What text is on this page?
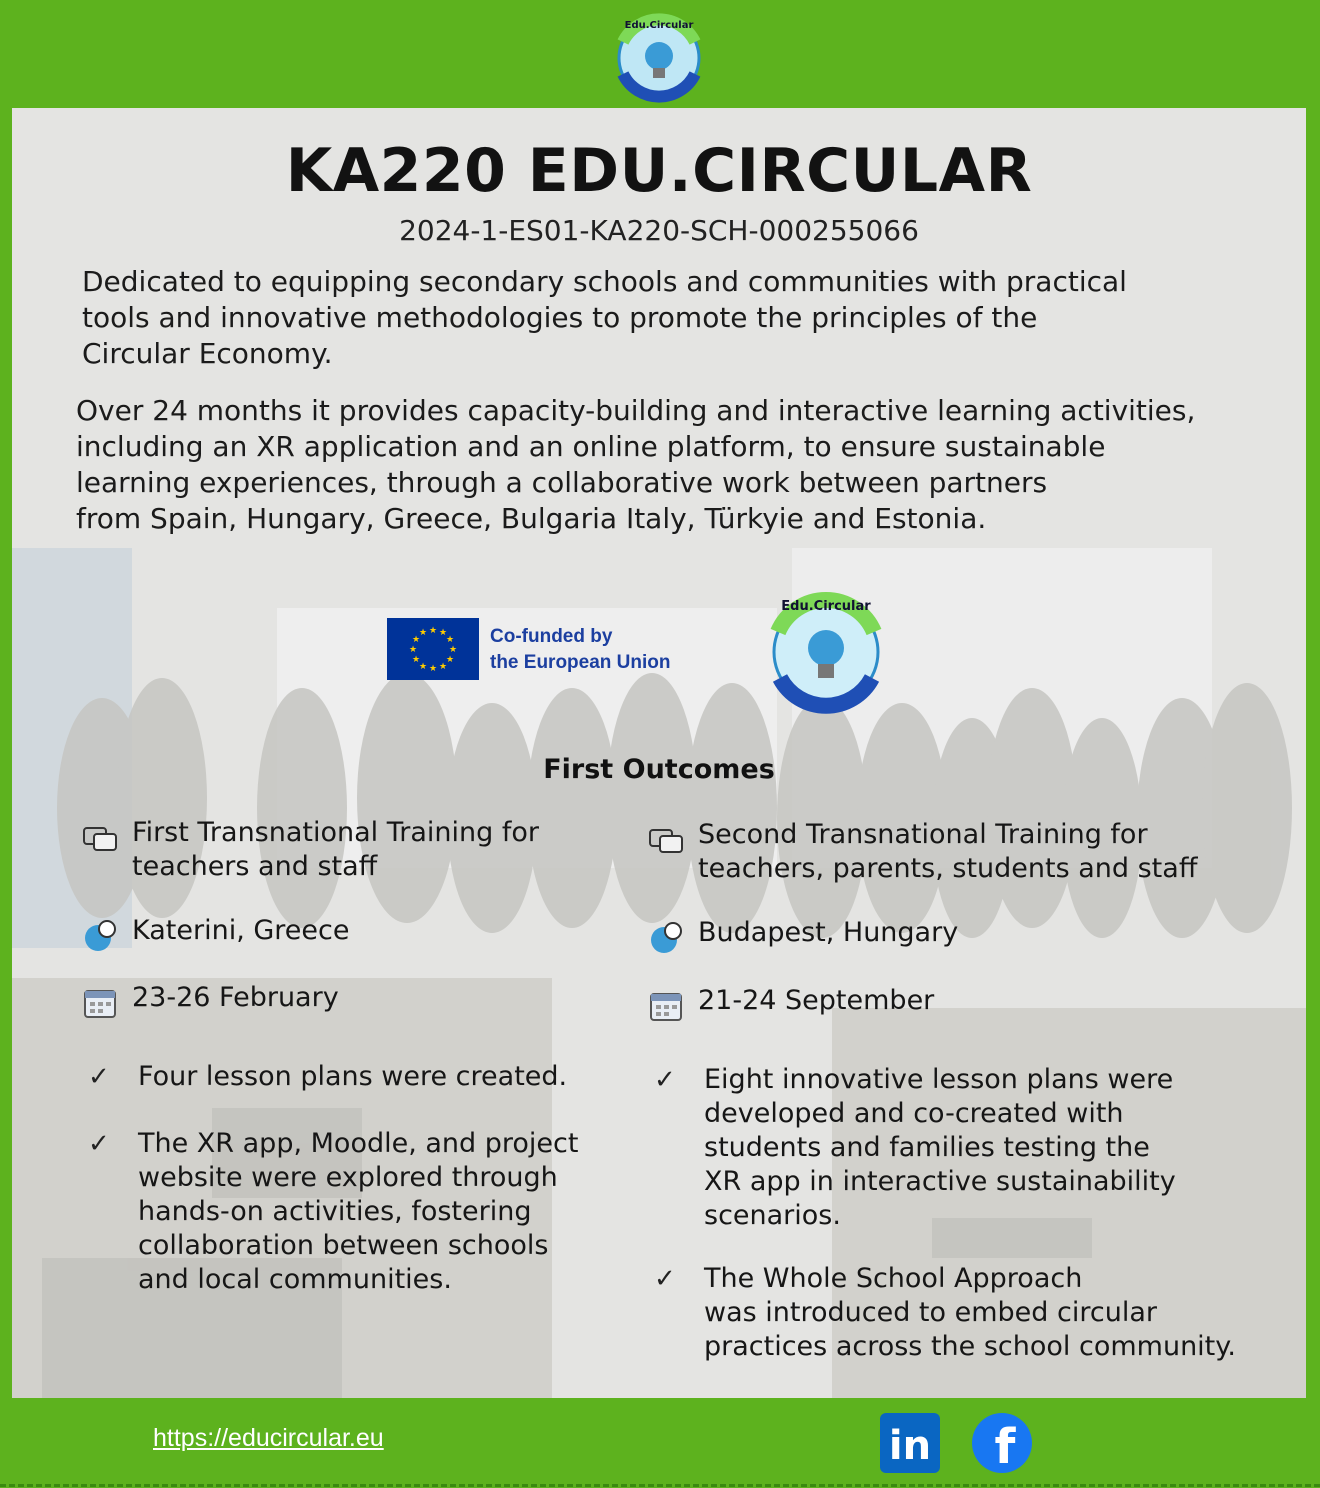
Edu.Circular
KA220 EDU.CIRCULAR
2024-1-ES01-KA220-SCH-000255066
Dedicated to equipping secondary schools and communities with practical
tools and innovative methodologies to promote the principles of the
Circular Economy.
Over 24 months it provides capacity-building and interactive learning activities,
including an XR application and an online platform, to ensure sustainable
learning experiences, through a collaborative work between partners
from Spain, Hungary, Greece, Bulgaria Italy, Türkyie and Estonia.
★ ★
★
★
★
★
★
★
★
★
★
★	Co-funded by
the European Union
Edu.Circular
First Outcomes
First Transnational Training for
teachers and staff
Katerini, Greece
23-26 February
✓	Four lesson plans were created.
✓	The XR app, Moodle, and project
website were explored through
hands-on activities, fostering
collaboration between schools
and local communities.
Second Transnational Training for
teachers, parents, students and staff
Budapest, Hungary
21-24 September
✓	Eight innovative lesson plans were
developed and co-created with
students and families testing the
XR app in interactive sustainability
scenarios.
✓	The Whole School Approach
was introduced to embed circular
practices across the school community.
https://educircular.eu	in f
